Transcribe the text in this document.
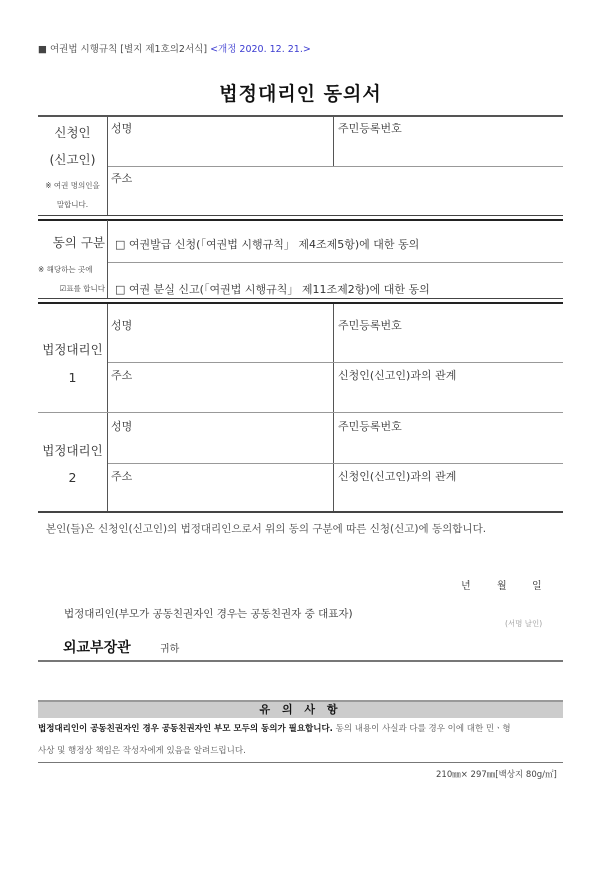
■ 여권법 시행규칙 [별지 제1호의2서식] <개정 2020. 12. 21.>
법정대리인 동의서
신청인
(신고인)
※ 여권 명의인을
말합니다.
성명	주민등록번호
주소
동의 구분
※ 해당하는 곳에
☑표를 합니다
□ 여권발급 신청(「여권법 시행규칙」 제4조제5항)에 대한 동의
□ 여권 분실 신고(「여권법 시행규칙」 제11조제2항)에 대한 동의
법정대리인
1
성명	주민등록번호
주소	신청인(신고인)과의 관계
법정대리인
2
성명	주민등록번호
주소	신청인(신고인)과의 관계
본인(들)은 신청인(신고인)의 법정대리인으로서 위의 동의 구분에 따른 신청(신고)에 동의합니다.
년	월	일
법정대리인(부모가 공동친권자인 경우는 공동친권자 중 대표자)
(서명 날인)
외교부장관	귀하
유 의 사 항
법정대리인이 공동친권자인 경우 공동친권자인 부모 모두의 동의가 필요합니다. 동의 내용이 사실과 다를 경우 이에 대한 민ㆍ형
사상 및 행정상 책임은 작성자에게 있음을 알려드립니다.
210㎜× 297㎜[백상지 80g/㎡]
